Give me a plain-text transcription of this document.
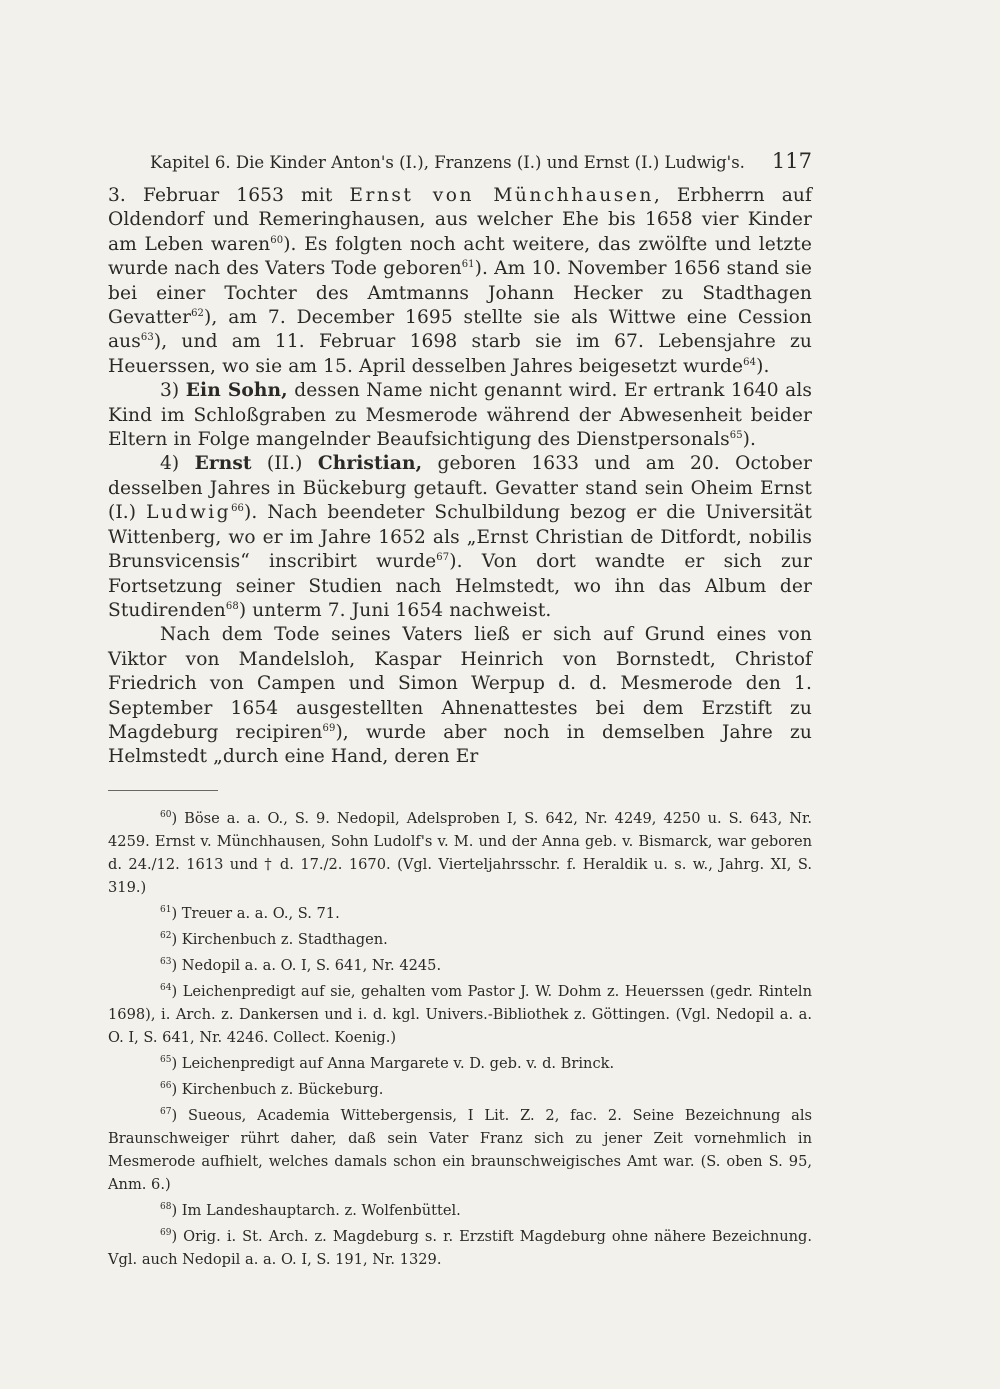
Kapitel 6. Die Kinder Anton's (I.), Franzens (I.) und Ernst (I.) Ludwig's. 117

3. Februar 1653 mit Ernst von Münchhausen, Erbherrn auf Oldendorf und Remeringhausen, aus welcher Ehe bis 1658 vier Kinder am Leben waren$^{60}$). Es folgten noch acht weitere, das zwölfte und letzte wurde nach des Vaters Tode geboren$^{61}$). Am 10. November 1656 stand sie bei einer Tochter des Amtmanns Johann Hecker zu Stadthagen Gevatter$^{62}$), am 7. December 1695 stellte sie als Wittwe eine Cession aus$^{63}$), und am 11. Februar 1698 starb sie im 67. Lebensjahre zu Heuerssen, wo sie am 15. April desselben Jahres beigesetzt wurde$^{64}$).

3) Ein Sohn, dessen Name nicht genannt wird. Er ertrank 1640 als Kind im Schloßgraben zu Mesmerode während der Abwesenheit beider Eltern in Folge mangelnder Beaufsichtigung des Dienstpersonals$^{65}$).

4) Ernst (II.) Christian, geboren 1633 und am 20. October desselben Jahres in Bückeburg getauft. Gevatter stand sein Oheim Ernst (I.) Ludwig$^{66}$). Nach beendeter Schulbildung bezog er die Universität Wittenberg, wo er im Jahre 1652 als „Ernst Christian de Ditfordt, nobilis Brunsvicensis“ inscribirt wurde$^{67}$). Von dort wandte er sich zur Fortsetzung seiner Studien nach Helmstedt, wo ihn das Album der Studirenden$^{68}$) unterm 7. Juni 1654 nachweist.

Nach dem Tode seines Vaters ließ er sich auf Grund eines von Viktor von Mandelsloh, Kaspar Heinrich von Bornstedt, Christof Friedrich von Campen und Simon Werpup d. d. Mesmerode den 1. September 1654 ausgestellten Ahnenattestes bei dem Erzstift zu Magdeburg recipiren$^{69}$), wurde aber noch in demselben Jahre zu Helmstedt „durch eine Hand, deren Er

$^{60}$) Böse a. a. O., S. 9. Nedopil, Adelsproben I, S. 642, Nr. 4249, 4250 u. S. 643, Nr. 4259. Ernst v. Münchhausen, Sohn Ludolf's v. M. und der Anna geb. v. Bismarck, war geboren d. 24./12. 1613 und † d. 17./2. 1670. (Vgl. Vierteljahrsschr. f. Heraldik u. s. w., Jahrg. XI, S. 319.)

$^{61}$) Treuer a. a. O., S. 71.

$^{62}$) Kirchenbuch z. Stadthagen.

$^{63}$) Nedopil a. a. O. I, S. 641, Nr. 4245.

$^{64}$) Leichenpredigt auf sie, gehalten vom Pastor J. W. Dohm z. Heuerssen (gedr. Rinteln 1698), i. Arch. z. Dankersen und i. d. kgl. Univers.-Bibliothek z. Göttingen. (Vgl. Nedopil a. a. O. I, S. 641, Nr. 4246. Collect. Koenig.)

$^{65}$) Leichenpredigt auf Anna Margarete v. D. geb. v. d. Brinck.

$^{66}$) Kirchenbuch z. Bückeburg.

$^{67}$) Sueous, Academia Wittebergensis, I Lit. Z. 2, fac. 2. Seine Bezeichnung als Braunschweiger rührt daher, daß sein Vater Franz sich zu jener Zeit vornehmlich in Mesmerode aufhielt, welches damals schon ein braunschweigisches Amt war. (S. oben S. 95, Anm. 6.)

$^{68}$) Im Landeshauptarch. z. Wolfenbüttel.

$^{69}$) Orig. i. St. Arch. z. Magdeburg s. r. Erzstift Magdeburg ohne nähere Bezeichnung. Vgl. auch Nedopil a. a. O. I, S. 191, Nr. 1329.
